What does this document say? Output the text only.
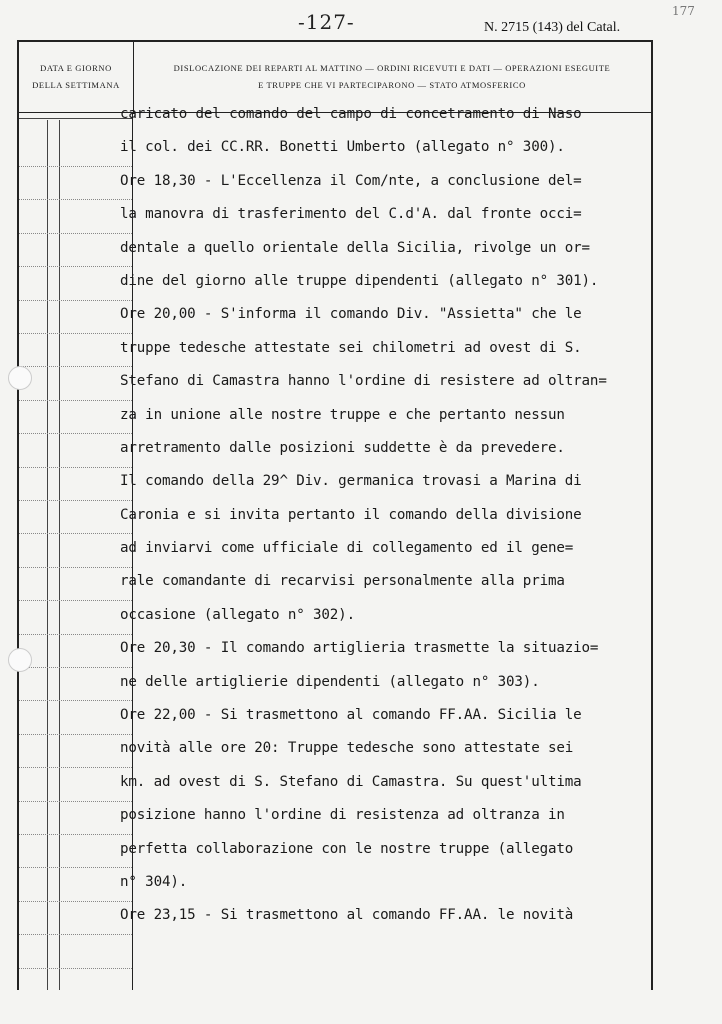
-127-	N. 2715 (143) del Catal.
177
DATA E GIORNO
DELLA SETTIMANA
DISLOCAZIONE DEI REPARTI AL MATTINO — ORDINI RICEVUTI E DATI — OPERAZIONI ESEGUITE
E TRUPPE CHE VI PARTECIPARONO — STATO ATMOSFERICO
caricato del comando del campo di concetramento di Naso
il col. dei CC.RR. Bonetti Umberto (allegato n° 300).
Ore 18,30 - L'Eccellenza il Com/nte, a conclusione del=
la manovra di trasferimento del C.d'A. dal fronte occi=
dentale a quello orientale della Sicilia, rivolge un or=
dine del giorno alle truppe dipendenti (allegato n° 301).
Ore 20,00 - S'informa il comando Div. "Assietta" che le
truppe tedesche attestate sei chilometri ad ovest di S.
Stefano di Camastra hanno l'ordine di resistere ad oltran=
za in unione alle nostre truppe e che pertanto nessun
arretramento dalle posizioni suddette è da prevedere.
Il comando della 29^ Div. germanica trovasi a Marina di
Caronia e si invita pertanto il comando della divisione
ad inviarvi come ufficiale di collegamento ed il gene=
rale comandante di recarvisi personalmente alla prima
occasione (allegato n° 302).
Ore 20,30 - Il comando artiglieria trasmette la situazio=
ne delle artiglierie dipendenti (allegato n° 303).
Ore 22,00 - Si trasmettono al comando FF.AA. Sicilia le
novità alle ore 20: Truppe tedesche sono attestate sei
km. ad ovest di S. Stefano di Camastra. Su quest'ultima
posizione hanno l'ordine di resistenza ad oltranza in
perfetta collaborazione con le nostre truppe (allegato
n° 304).
Ore 23,15 - Si trasmettono al comando FF.AA. le novità
